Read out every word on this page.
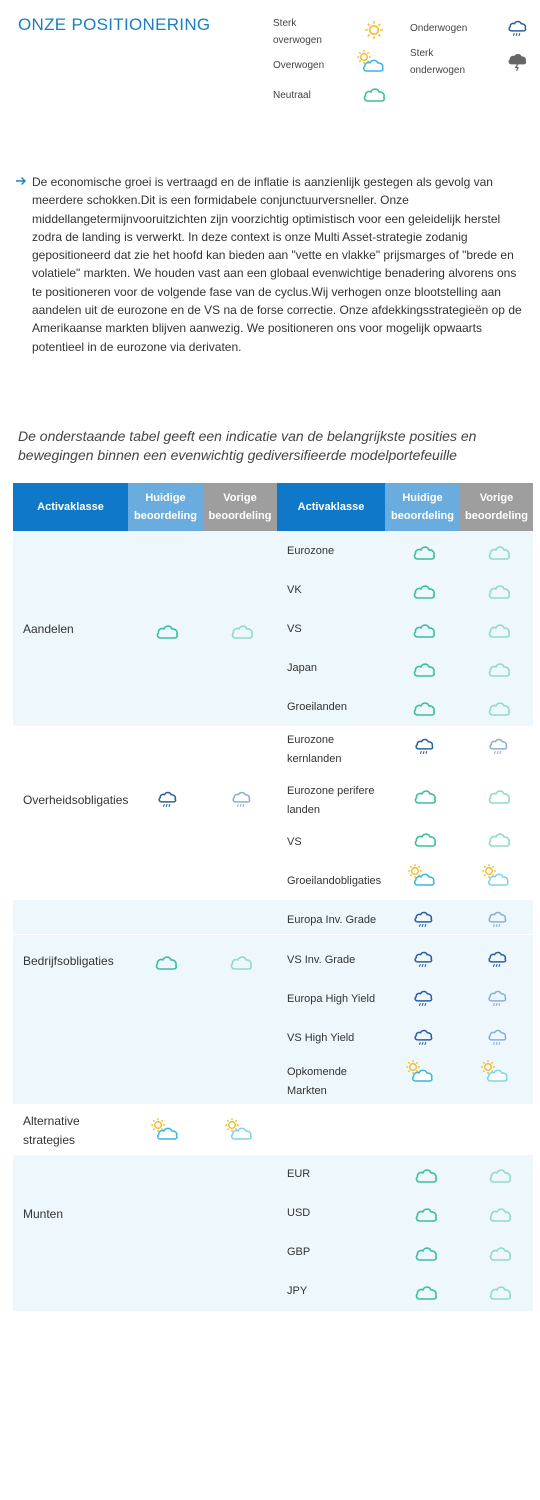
ONZE POSITIONERING	Sterk overwogen
Overwogen
Neutraal
Onderwogen
Sterk onderwogen
De economische groei is vertraagd en de inflatie is aanzienlijk gestegen als gevolg van meerdere schokken.Dit is een formidabele conjunctuurversneller. Onze middellangetermijnvooruitzichten zijn voorzichtig optimistisch voor een geleidelijk herstel zodra de landing is verwerkt. In deze context is onze Multi Asset-strategie zodanig gepositioneerd dat zie het hoofd kan bieden aan "vette en vlakke" prijsmarges of "brede en volatiele" markten. We houden vast aan een globaal evenwichtige benadering alvorens ons te positioneren voor de volgende fase van de cyclus.Wij verhogen onze blootstelling aan aandelen uit de eurozone en de VS na de forse correctie. Onze afdekkingsstrategieën op de Amerikaanse markten blijven aanwezig. We positioneren ons voor mogelijk opwaarts potentieel in de eurozone via derivaten.
De onderstaande tabel geeft een indicatie van de belangrijkste posities en bewegingen binnen een evenwichtig gediversifieerde modelportefeuille
Activaklasse
Huidige beoordeling
Vorige beoordeling
Activaklasse
Huidige beoordeling
Vorige beoordeling
Aandelen
Eurozone
VK
VS
Japan
Groeilanden
Overheidsobligaties
Eurozone kernlanden
Eurozone perifere landen
VS
Groeilandobligaties
Bedrijfsobligaties
Europa Inv. Grade
VS Inv. Grade
Europa High Yield
VS High Yield
Opkomende Markten
Alternative strategies
Munten
EUR
USD
GBP
JPY
